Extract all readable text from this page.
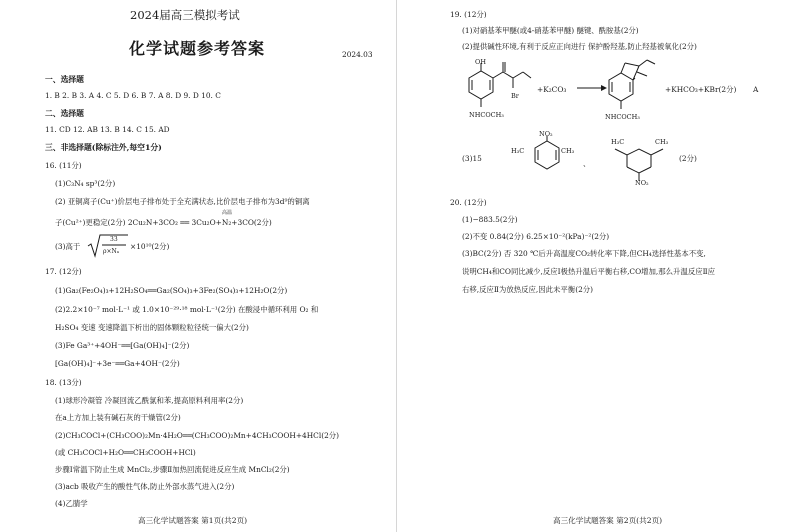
2024届高三模拟考试
化学试题参考答案	2024.03
一、选择题
1. B 2. B 3. A 4. C 5. D 6. B 7. A 8. D 9. D 10. C
二、选择题
11. CD 12. AB 13. B 14. C 15. AD
三、非选择题(除标注外,每空1分)
16. (11分)
(1)C₃N₄ sp³(2分)
(2) 亚铜离子(Cu⁺)价层电子排布处于全充满状态,比价层电子排布为3d⁹的铜离
子(Cu²⁺)更稳定(2分) 2Cu₂N+3CO₂ ══ 3Cu₂O+N₂+3CO(2分)
高温
(3)高于
33
ρ×Nₐ
×10¹⁰(2分)
17. (12分)
(1)Ga₂(Fe₂O₄)₃+12H₂SO₄══Ga₂(SO₄)₃+3Fe₂(SO₄)₃+12H₂O(2分)
(2)2.2×10⁻⁷ mol·L⁻¹ 或 1.0×10⁻²⁹·¹⁸ mol·L⁻¹(2分) 在酸浸中循环利用 O₂ 和
H₂SO₄ 变速 变速降温下析出的固体颗粒粒径统一偏大(2分)
(3)Fe Ga³⁺+4OH⁻══[Ga(OH)₄]⁻(2分)
[Ga(OH)₄]⁻+3e⁻══Ga+4OH⁻(2分)
18. (13分)
(1)球形冷凝管 冷凝回流乙酰氯和苯,提高原料利用率(2分)
在a上方加上装有碱石灰的干燥管(2分)
(2)CH₃COCl+(CH₃COO)₂Mn·4H₂O══(CH₃COO)₂Mn+4CH₃COOH+4HCl(2分)
(或 CH₃COCl+H₂O══CH₃COOH+HCl)
步骤Ⅰ常温下防止生成 MnCl₂,步骤Ⅱ加热回流促进反应生成 MnCl₂(2分)
(3)acb 吸收产生的酸性气体,防止外部水蒸气进入(2分)
(4)乙腈学
高三化学试题答案 第1页(共2页)
19. (12分)
(1)对硝基苯甲醚(或4-硝基苯甲醚) 醚键、酰胺基(2分)
(2)提供碱性环境,有利于反应正向进行 保护酚羟基,防止羟基被氧化(2分)
OH
Br
NHCOCH₃	NHCOCH₃
+K₂CO₃	+KHCO₃+KBr(2分) A
(3)15
NO₂
H₃C	CH₃
、
H₃C	CH₃
NO₂
(2分)
20. (12分)
(1)−883.5(2分)
(2)不变 0.84(2分) 6.25×10⁻²(kPa)⁻²(2分)
(3)BC(2分) 否 320 ℃后升高温度CO₂转化率下降,但CH₄选择性基本不变,
说明CH₄和CO同比减少,反应Ⅰ极热升温后平衡右移,CO增加,那么升温反应Ⅱ应
右移,反应Ⅱ为放热反应,因此未平衡(2分)
高三化学试题答案 第2页(共2页)
